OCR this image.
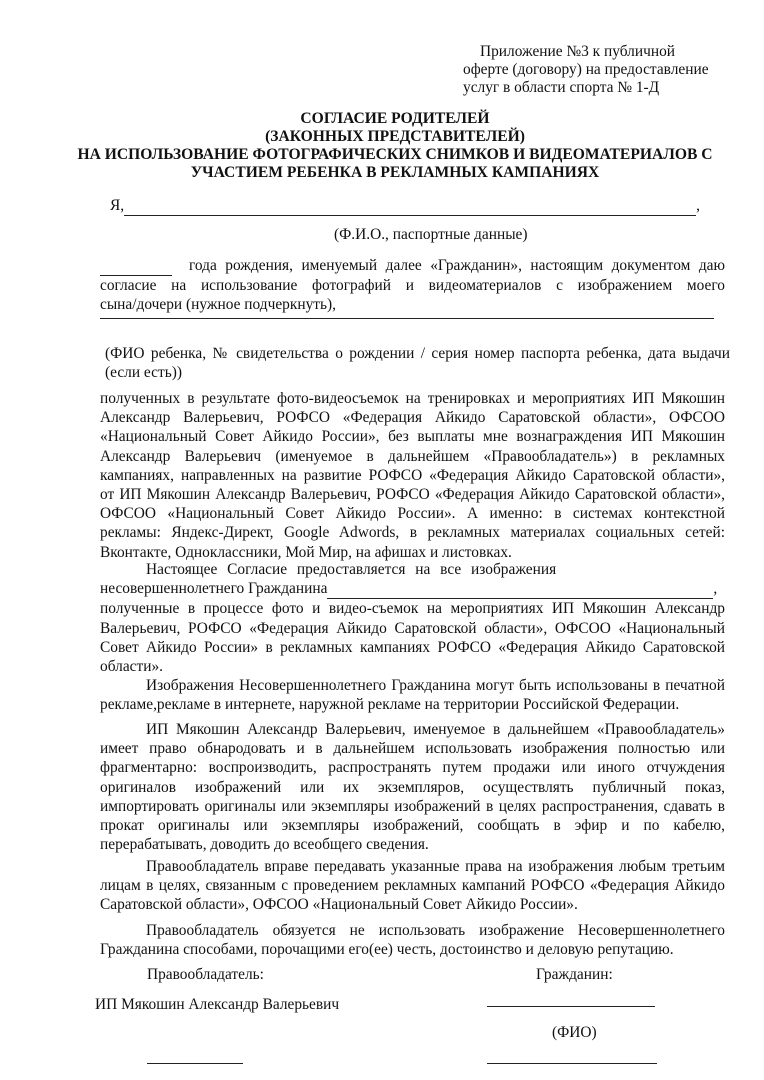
Приложение №3 к публичной
оферте (договору) на предоставление
услуг в области спорта № 1-Д
СОГЛАСИЕ РОДИТЕЛЕЙ
(ЗАКОННЫХ ПРЕДСТАВИТЕЛЕЙ)
НА ИСПОЛЬЗОВАНИЕ ФОТОГРАФИЧЕСКИХ СНИМКОВ И ВИДЕОМАТЕРИАЛОВ С
УЧАСТИЕМ РЕБЕНКА В РЕКЛАМНЫХ КАМПАНИЯХ
Я,	,
(Ф.И.О., паспортные данные)
года рождения, именуемый далее «Гражданин», настоящим документом даю
согласие на использование фотографий и видеоматериалов с изображением моего
сына/дочери (нужное подчеркнуть),
(ФИО ребенка, № свидетельства о рождении / серия номер паспорта ребенка, дата выдачи
(если есть))
полученных в результате фото-видеосъемок на тренировках и мероприятиях ИП Мякошин
Александр Валерьевич, РОФСО «Федерация Айкидо Саратовской области», ОФСОО
«Национальный Совет Айкидо России», без выплаты мне вознаграждения ИП Мякошин
Александр Валерьевич (именуемое в дальнейшем «Правообладатель») в рекламных
кампаниях, направленных на развитие РОФСО «Федерация Айкидо Саратовской области»,
от ИП Мякошин Александр Валерьевич, РОФСО «Федерация Айкидо Саратовской области»,
ОФСОО «Национальный Совет Айкидо России». А именно: в системах контекстной
рекламы: Яндекс-Директ, Google Adwords, в рекламных материалах социальных сетей:
Вконтакте, Одноклассники, Мой Мир, на афишах и листовках.
Настоящее Согласие предоставляется на все изображения
несовершеннолетнего Гражданина	,
полученные в процессе фото и видео-съемок на мероприятиях ИП Мякошин Александр
Валерьевич, РОФСО «Федерация Айкидо Саратовской области», ОФСОО «Национальный
Совет Айкидо России» в рекламных кампаниях РОФСО «Федерация Айкидо Саратовской
области».
Изображения Несовершеннолетнего Гражданина могут быть использованы в печатной
рекламе,рекламе в интернете, наружной рекламе на территории Российской Федерации.
ИП Мякошин Александр Валерьевич, именуемое в дальнейшем «Правообладатель»
имеет право обнародовать и в дальнейшем использовать изображения полностью или
фрагментарно: воспроизводить, распространять путем продажи или иного отчуждения
оригиналов изображений или их экземпляров, осуществлять публичный показ,
импортировать оригиналы или экземпляры изображений в целях распространения, сдавать в
прокат оригиналы или экземпляры изображений, сообщать в эфир и по кабелю,
перерабатывать, доводить до всеобщего сведения.
Правообладатель вправе передавать указанные права на изображения любым третьим
лицам в целях, связанным с проведением рекламных кампаний РОФСО «Федерация Айкидо
Саратовской области», ОФСОО «Национальный Совет Айкидо России».
Правообладатель обязуется не использовать изображение Несовершеннолетнего
Гражданина способами, порочащими его(ее) честь, достоинство и деловую репутацию.
Правообладатель:	Гражданин:
ИП Мякошин Александр Валерьевич
(ФИО)
